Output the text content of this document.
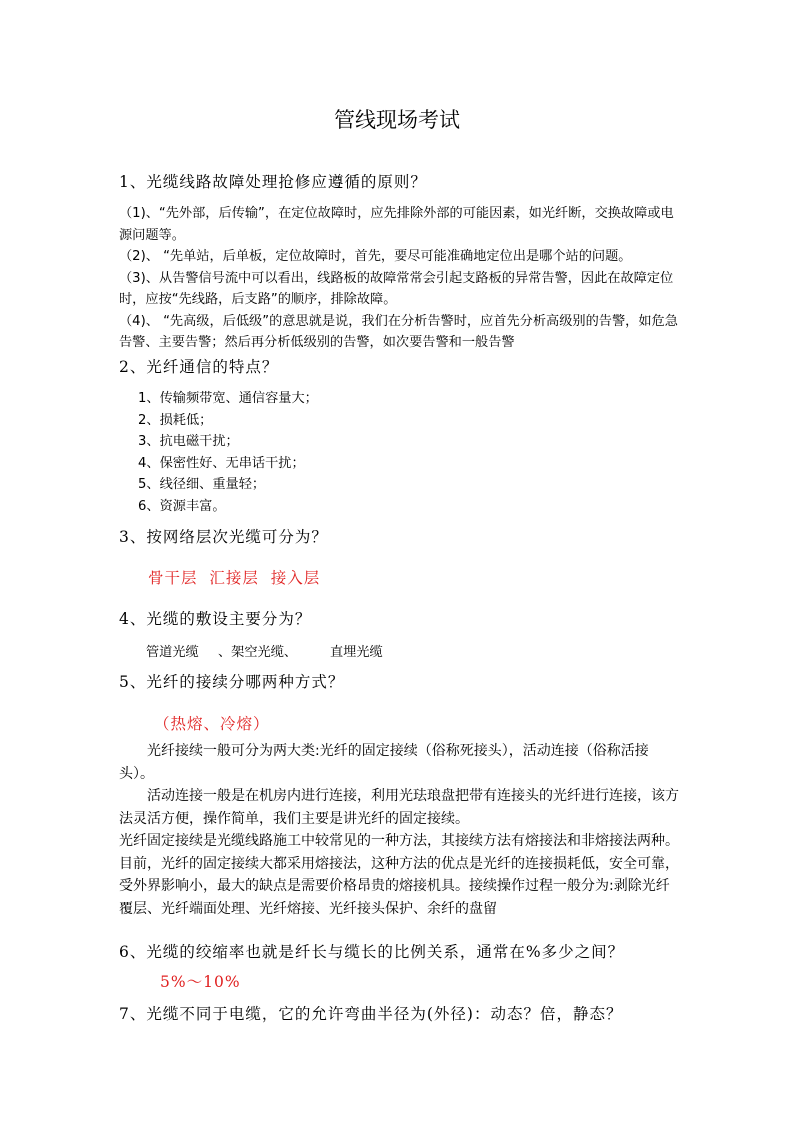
管线现场考试
1、光缆线路故障处理抢修应遵循的原则？

（1)、“先外部，后传输”，在定位故障时，应先排除外部的可能因素，如光纤断，交换故障或电源问题等。

（2)、 “先单站，后单板，定位故障时，首先，要尽可能准确地定位出是哪个站的问题。

（3)、从告警信号流中可以看出，线路板的故障常常会引起支路板的异常告警，因此在故障定位时，应按“先线路，后支路”的顺序，排除故障。

（4)、 “先高级，后低级”的意思就是说，我们在分析告警时，应首先分析高级别的告警，如危急告警、主要告警；然后再分析低级别的告警，如次要告警和一般告警

2、光纤通信的特点？
1、传输频带宽、通信容量大；
2、损耗低；
3、抗电磁干扰；
4、保密性好、无串话干扰；
5、线径细、重量轻；
6、资源丰富。
3、按网络层次光缆可分为？
骨干层  汇接层  接入层
4、光缆的敷设主要分为？
管道光缆 、架空光缆、 直埋光缆
5、光纤的接续分哪两种方式？
（热熔、冷熔）

光纤接续一般可分为两大类:光纤的固定接续（俗称死接头），活动连接（俗称活接头）。

活动连接一般是在机房内进行连接，利用光珐琅盘把带有连接头的光纤进行连接，该方法灵活方便，操作简单，我们主要是讲光纤的固定接续。

光纤固定接续是光缆线路施工中较常见的一种方法，其接续方法有熔接法和非熔接法两种。目前，光纤的固定接续大都采用熔接法，这种方法的优点是光纤的连接损耗低，安全可靠，受外界影响小，最大的缺点是需要价格昂贵的熔接机具。接续操作过程一般分为:剥除光纤覆层、光纤端面处理、光纤熔接、光纤接头保护、余纤的盘留

6、光缆的绞缩率也就是纤长与缆长的比例关系，通常在%多少之间？
5%～10%
7、光缆不同于电缆，它的允许弯曲半径为(外径)：动态？倍，静态？
